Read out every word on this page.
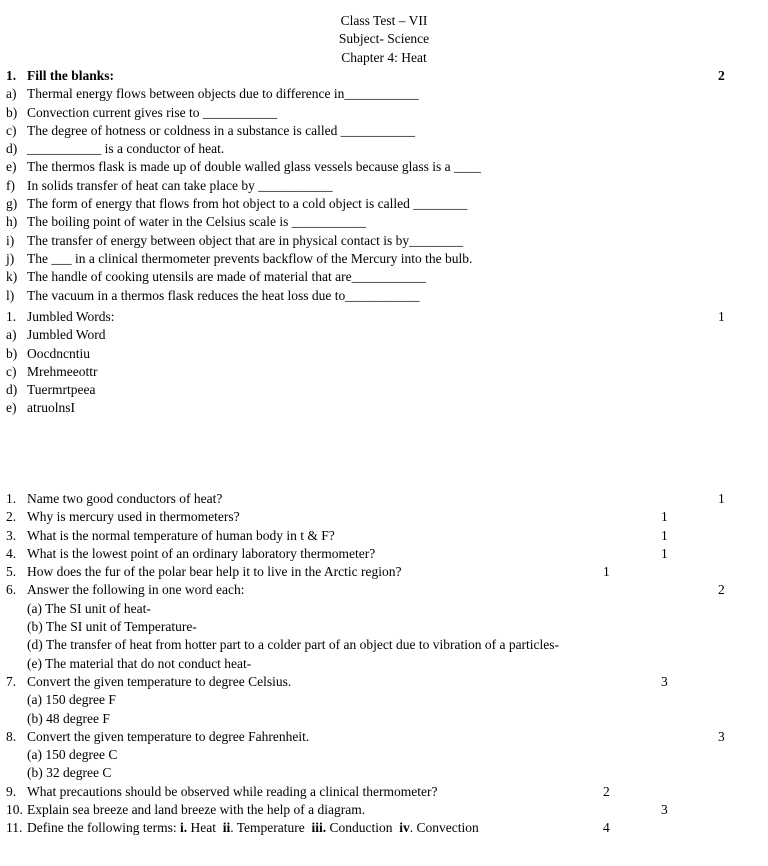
Class Test – VII
Subject- Science
Chapter 4: Heat
1. Fill the blanks:	2
a) Thermal energy flows between objects due to difference in___________
b) Convection current gives rise to ___________
c) The degree of hotness or coldness in a substance is called ___________
d) ___________ is a conductor of heat.
e) The thermos flask is made up of double walled glass vessels because glass is a ____
f) In solids transfer of heat can take place by ___________
g) The form of energy that flows from hot object to a cold object is called ________
h) The boiling point of water in the Celsius scale is ___________
i) The transfer of energy between object that are in physical contact is by________
j) The ___ in a clinical thermometer prevents backflow of the Mercury into the bulb.
k) The handle of cooking utensils are made of material that are___________
l) The vacuum in a thermos flask reduces the heat loss due to___________
1. Jumbled Words:	1
a) Jumbled Word
b) Oocdncntiu
c) Mrehmeeottr
d) Tuermrtpeea
e) atruolnsI
1. Name two good conductors of heat?	1
2. Why is mercury used in thermometers?	1
3. What is the normal temperature of human body in t & F?	1
4. What is the lowest point of an ordinary laboratory thermometer?	1
5. How does the fur of the polar bear help it to live in the Arctic region?	1
6. Answer the following in one word each:	2
(a) The SI unit of heat-
(b) The SI unit of Temperature-
(d) The transfer of heat from hotter part to a colder part of an object due to vibration of a particles-
(e) The material that do not conduct heat-
7. Convert the given temperature to degree Celsius.	3
(a) 150 degree F
(b) 48 degree F
8. Convert the given temperature to degree Fahrenheit.	3
(a) 150 degree C
(b) 32 degree C
9. What precautions should be observed while reading a clinical thermometer?	2
10. Explain sea breeze and land breeze with the help of a diagram.	3
11. Define the following terms: i. Heat ii. Temperature iii. Conduction iv. Convection	4
